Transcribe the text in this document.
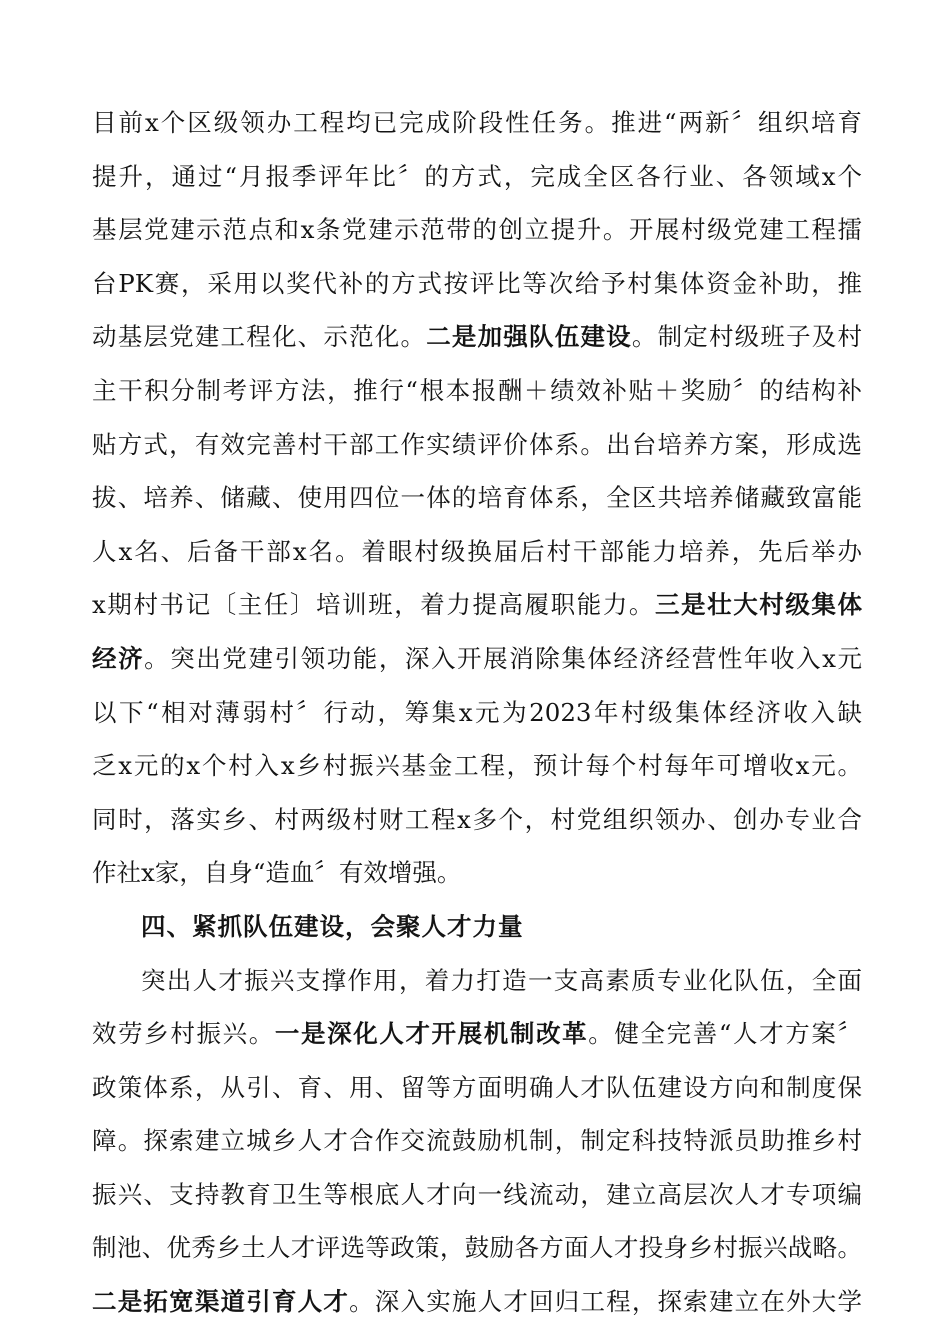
目前x个区级领办工程均已完成阶段性任务。推进“两新〞组织培育
提升，通过“月报季评年比〞的方式，完成全区各行业、各领域x个
基层党建示范点和x条党建示范带的创立提升。开展村级党建工程擂
台PK赛，采用以奖代补的方式按评比等次给予村集体资金补助，推
动基层党建工程化、示范化。二是加强队伍建设。制定村级班子及村
主干积分制考评方法，推行“根本报酬＋绩效补贴＋奖励〞的结构补
贴方式，有效完善村干部工作实绩评价体系。出台培养方案，形成选
拔、培养、储藏、使用四位一体的培育体系，全区共培养储藏致富能
人x名、后备干部x名。着眼村级换届后村干部能力培养，先后举办
x期村书记〔主任〕培训班，着力提高履职能力。三是壮大村级集体
经济。突出党建引领功能，深入开展消除集体经济经营性年收入x元
以下“相对薄弱村〞行动，筹集x元为2023年村级集体经济收入缺
乏x元的x个村入x乡村振兴基金工程，预计每个村每年可增收x元。
同时，落实乡、村两级村财工程x多个，村党组织领办、创办专业合
作社x家，自身“造血〞有效增强。
四、紧抓队伍建设，会聚人才力量
突出人才振兴支撑作用，着力打造一支高素质专业化队伍，全面
效劳乡村振兴。一是深化人才开展机制改革。健全完善“人才方案〞
政策体系，从引、育、用、留等方面明确人才队伍建设方向和制度保
障。探索建立城乡人才合作交流鼓励机制，制定科技特派员助推乡村
振兴、支持教育卫生等根底人才向一线流动，建立高层次人才专项编
制池、优秀乡土人才评选等政策，鼓励各方面人才投身乡村振兴战略。
二是拓宽渠道引育人才。深入实施人才回归工程，探索建立在外大学
